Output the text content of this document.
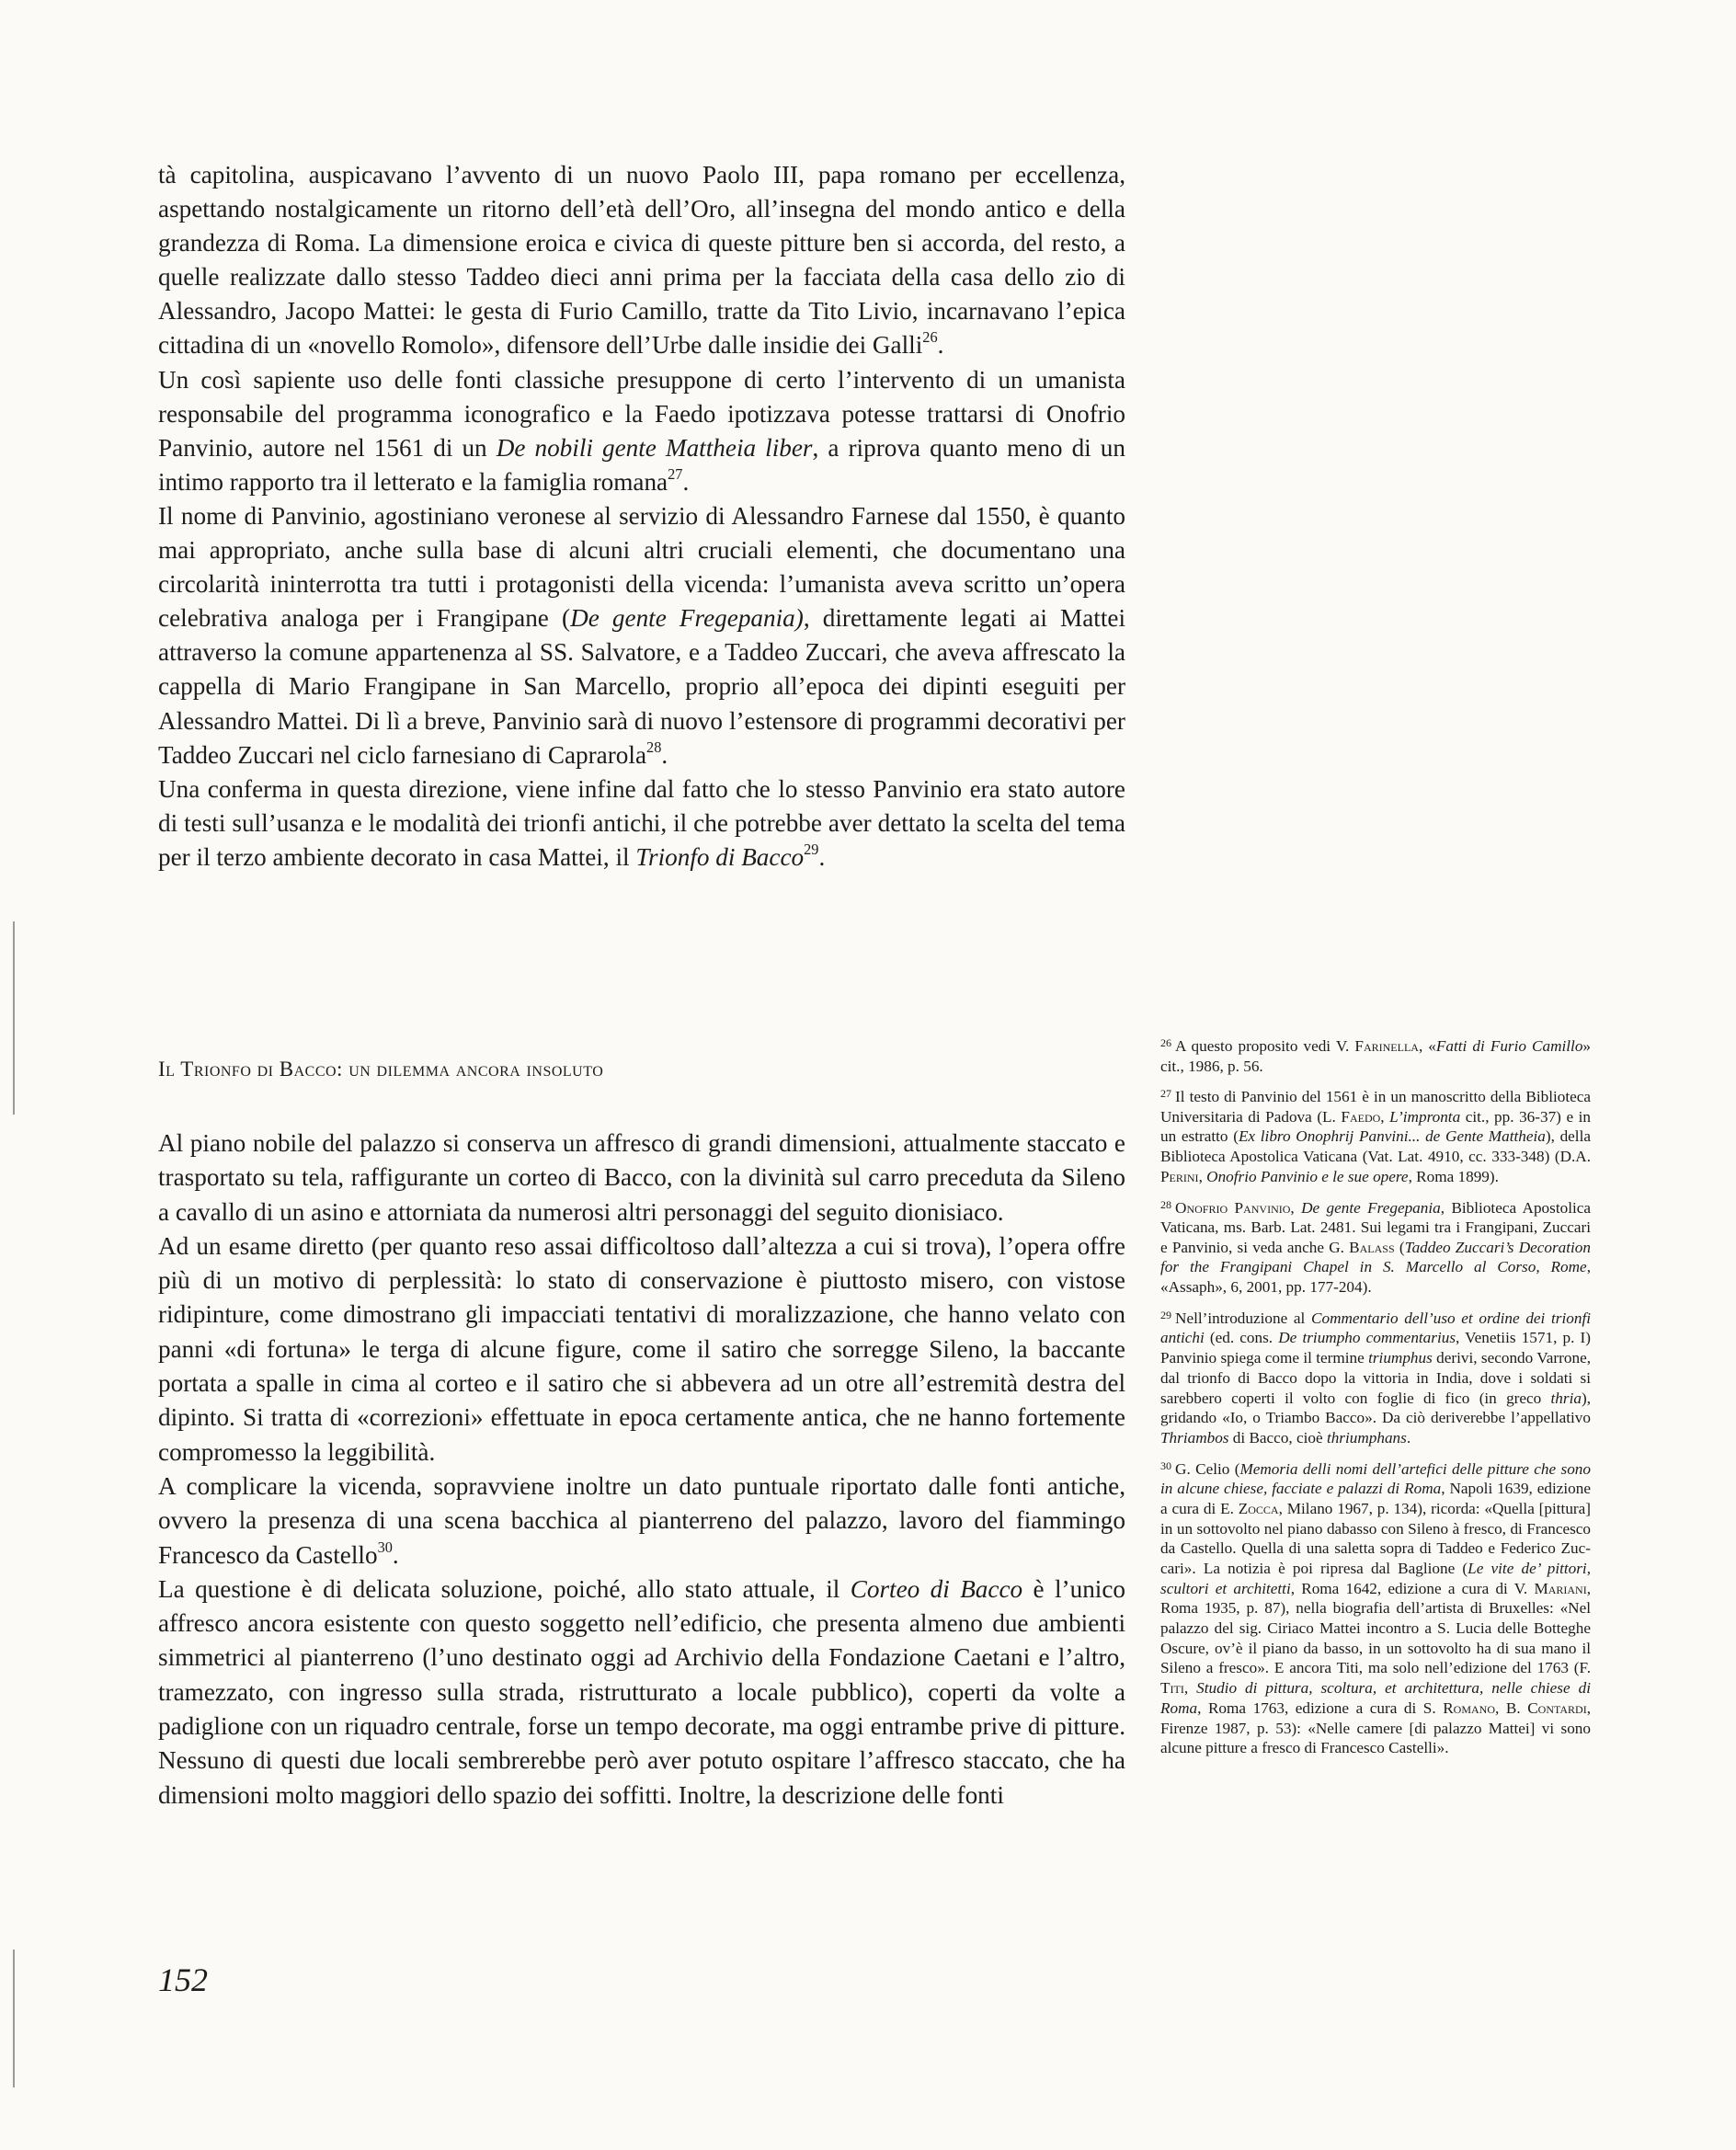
tà capitolina, auspicavano l’avvento di un nuovo Paolo III, papa romano per eccellenza, aspettando nostalgicamente un ritorno dell’età dell’Oro, all’insegna del mondo antico e della grandezza di Roma. La dimensione eroica e civica di queste pitture ben si accorda, del resto, a quelle realizzate dallo stesso Taddeo dieci anni prima per la facciata della casa dello zio di Alessandro, Jacopo Mattei: le gesta di Furio Camillo, tratte da Tito Livio, incarnavano l’epica cittadina di un «novello Romolo», difensore dell’Urbe dalle insidie dei Galli$^{26}$.

Un così sapiente uso delle fonti classiche presuppone di certo l’intervento di un umanista responsabile del programma iconografico e la Faedo ipotizzava potesse trattarsi di Onofrio Panvinio, autore nel 1561 di un De nobili gente Mattheia liber, a riprova quanto meno di un intimo rapporto tra il letterato e la famiglia romana$^{27}$.

Il nome di Panvinio, agostiniano veronese al servizio di Alessandro Farnese dal 1550, è quanto mai appropriato, anche sulla base di alcuni altri cruciali elementi, che documentano una circolarità ininterrotta tra tutti i protagonisti della vicenda: l’umanista aveva scritto un’opera celebrativa analoga per i Frangipane (De gente Fregepania), direttamente legati ai Mattei attraverso la comune appartenenza al SS. Salvatore, e a Taddeo Zuccari, che aveva affrescato la cappella di Mario Frangipane in San Marcello, proprio all’epoca dei dipinti eseguiti per Alessandro Mattei. Di lì a breve, Panvinio sarà di nuovo l’estensore di programmi decorativi per Taddeo Zuccari nel ciclo farnesiano di Caprarola$^{28}$.

Una conferma in questa direzione, viene infine dal fatto che lo stesso Panvinio era stato autore di testi sull’usanza e le modalità dei trionfi antichi, il che potrebbe aver dettato la scelta del tema per il terzo ambiente decorato in casa Mattei, il Trionfo di Bacco$^{29}$.

Il Trionfo di Bacco: un dilemma ancora insoluto

Al piano nobile del palazzo si conserva un affresco di grandi dimensioni, attualmente staccato e trasportato su tela, raffigurante un corteo di Bacco, con la divinità sul carro preceduta da Sileno a cavallo di un asino e attorniata da numerosi altri personaggi del seguito dionisiaco.

Ad un esame diretto (per quanto reso assai difficoltoso dall’altezza a cui si trova), l’opera offre più di un motivo di perplessità: lo stato di conservazione è piuttosto misero, con vistose ridipinture, come dimostrano gli impacciati tentativi di moralizzazione, che hanno velato con panni «di fortuna» le terga di alcune figure, come il satiro che sorregge Sileno, la baccante portata a spalle in cima al corteo e il satiro che si abbevera ad un otre all’estremità destra del dipinto. Si tratta di «correzioni» effettuate in epoca certamente antica, che ne hanno fortemente compromesso la leggibilità.

A complicare la vicenda, sopravviene inoltre un dato puntuale riportato dalle fonti antiche, ovvero la presenza di una scena bacchica al pianterreno del palazzo, lavoro del fiammingo Francesco da Castello$^{30}$.

La questione è di delicata soluzione, poiché, allo stato attuale, il Corteo di Bacco è l’unico affresco ancora esistente con questo soggetto nell’edificio, che presenta almeno due ambienti simmetrici al pianterreno (l’uno destinato oggi ad Archivio della Fondazione Caetani e l’altro, tramezzato, con ingresso sulla strada, ristrutturato a locale pubblico), coperti da volte a padiglione con un riquadro centrale, forse un tempo decorate, ma oggi entrambe prive di pitture. Nessuno di questi due locali sembrerebbe però aver potuto ospitare l’affresco staccato, che ha dimensioni molto maggiori dello spazio dei soffitti. Inoltre, la descrizione delle fonti

$^{26}$ A questo proposito vedi V. Farinella, «Fatti di Furio Camillo» cit., 1986, p. 56.

$^{27}$ Il testo di Panvinio del 1561 è in un manoscritto della Biblioteca Universitaria di Padova (L. Faedo, L’impronta cit., pp. 36-37) e in un estratto (Ex libro Onophrij Panvini... de Gente Mattheia), della Biblioteca Apostolica Vaticana (Vat. Lat. 4910, cc. 333-348) (D.A. Perini, Onofrio Panvinio e le sue opere, Roma 1899).

$^{28}$ Onofrio Panvinio, De gente Fregepania, Biblioteca Apostolica Vaticana, ms. Barb. Lat. 2481. Sui legami tra i Frangipani, Zuccari e Panvinio, si veda anche G. Balass (Taddeo Zuccari’s Decoration for the Frangipani Chapel in S. Marcello al Corso, Rome, «Assaph», 6, 2001, pp. 177-204).

$^{29}$ Nell’introduzione al Commentario dell’uso et ordine dei trionfi antichi (ed. cons. De triumpho commentarius, Venetiis 1571, p. I) Panvinio spiega come il termine triumphus derivi, secondo Varrone, dal trionfo di Bacco dopo la vittoria in India, dove i soldati si sarebbero coperti il volto con foglie di fico (in greco thria), gridando «Io, o Triambo Bacco». Da ciò deriverebbe l’appellativo Thriambos di Bacco, cioè thriumphans.

$^{30}$ G. Celio (Memoria delli nomi dell’artefici delle pitture che sono in alcune chiese, facciate e palazzi di Roma, Napoli 1639, edizione a cura di E. Zocca, Milano 1967, p. 134), ricorda: «Quella [pittura] in un sottovolto nel piano dabasso con Sileno à fresco, di Francesco da Castello. Quella di una saletta sopra di Taddeo e Federico Zuccari». La notizia è poi ripresa dal Baglione (Le vite de’ pittori, scultori et architetti, Roma 1642, edizione a cura di V. Mariani, Roma 1935, p. 87), nella biografia dell’artista di Bruxelles: «Nel palazzo del sig. Ciriaco Mattei incontro a S. Lucia delle Botteghe Oscure, ov’è il piano da basso, in un sottovolto ha di sua mano il Sileno a fresco». E ancora Titi, ma solo nell’edizione del 1763 (F. Titi, Studio di pittura, scoltura, et architettura, nelle chiese di Roma, Roma 1763, edizione a cura di S. Romano, B. Contardi, Firenze 1987, p. 53): «Nelle camere [di palazzo Mattei] vi sono alcune pitture a fresco di Francesco Castelli».

152
